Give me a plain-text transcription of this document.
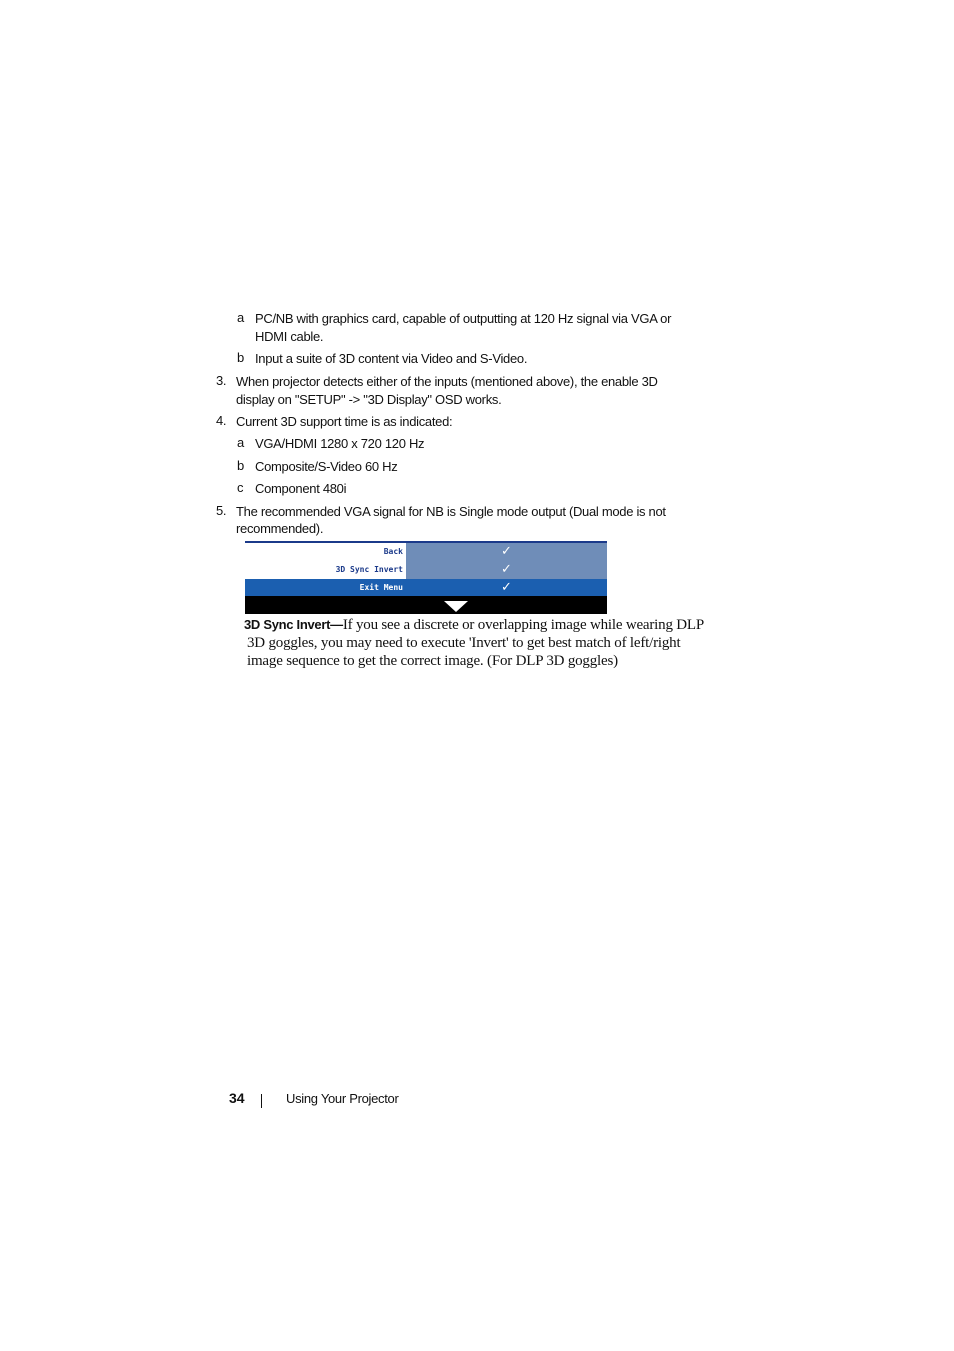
a PC/NB with graphics card, capable of outputting at 120 Hz signal via VGA or
HDMI cable.
b Input a suite of 3D content via Video and S-Video.
3. When projector detects either of the inputs (mentioned above), the enable 3D
display on "SETUP" -> "3D Display" OSD works.
4. Current 3D support time is as indicated:
a VGA/HDMI 1280 x 720 120 Hz
b Composite/S-Video 60 Hz
c Component 480i
5. The recommended VGA signal for NB is Single mode output (Dual mode is not
recommended).
Back	✓
3D Sync Invert	✓
Exit Menu	✓
3D Sync Invert—If you see a discrete or overlapping image while wearing DLP
3D goggles, you may need to execute 'Invert' to get best match of left/right
image sequence to get the correct image. (For DLP 3D goggles)
34	Using Your Projector
